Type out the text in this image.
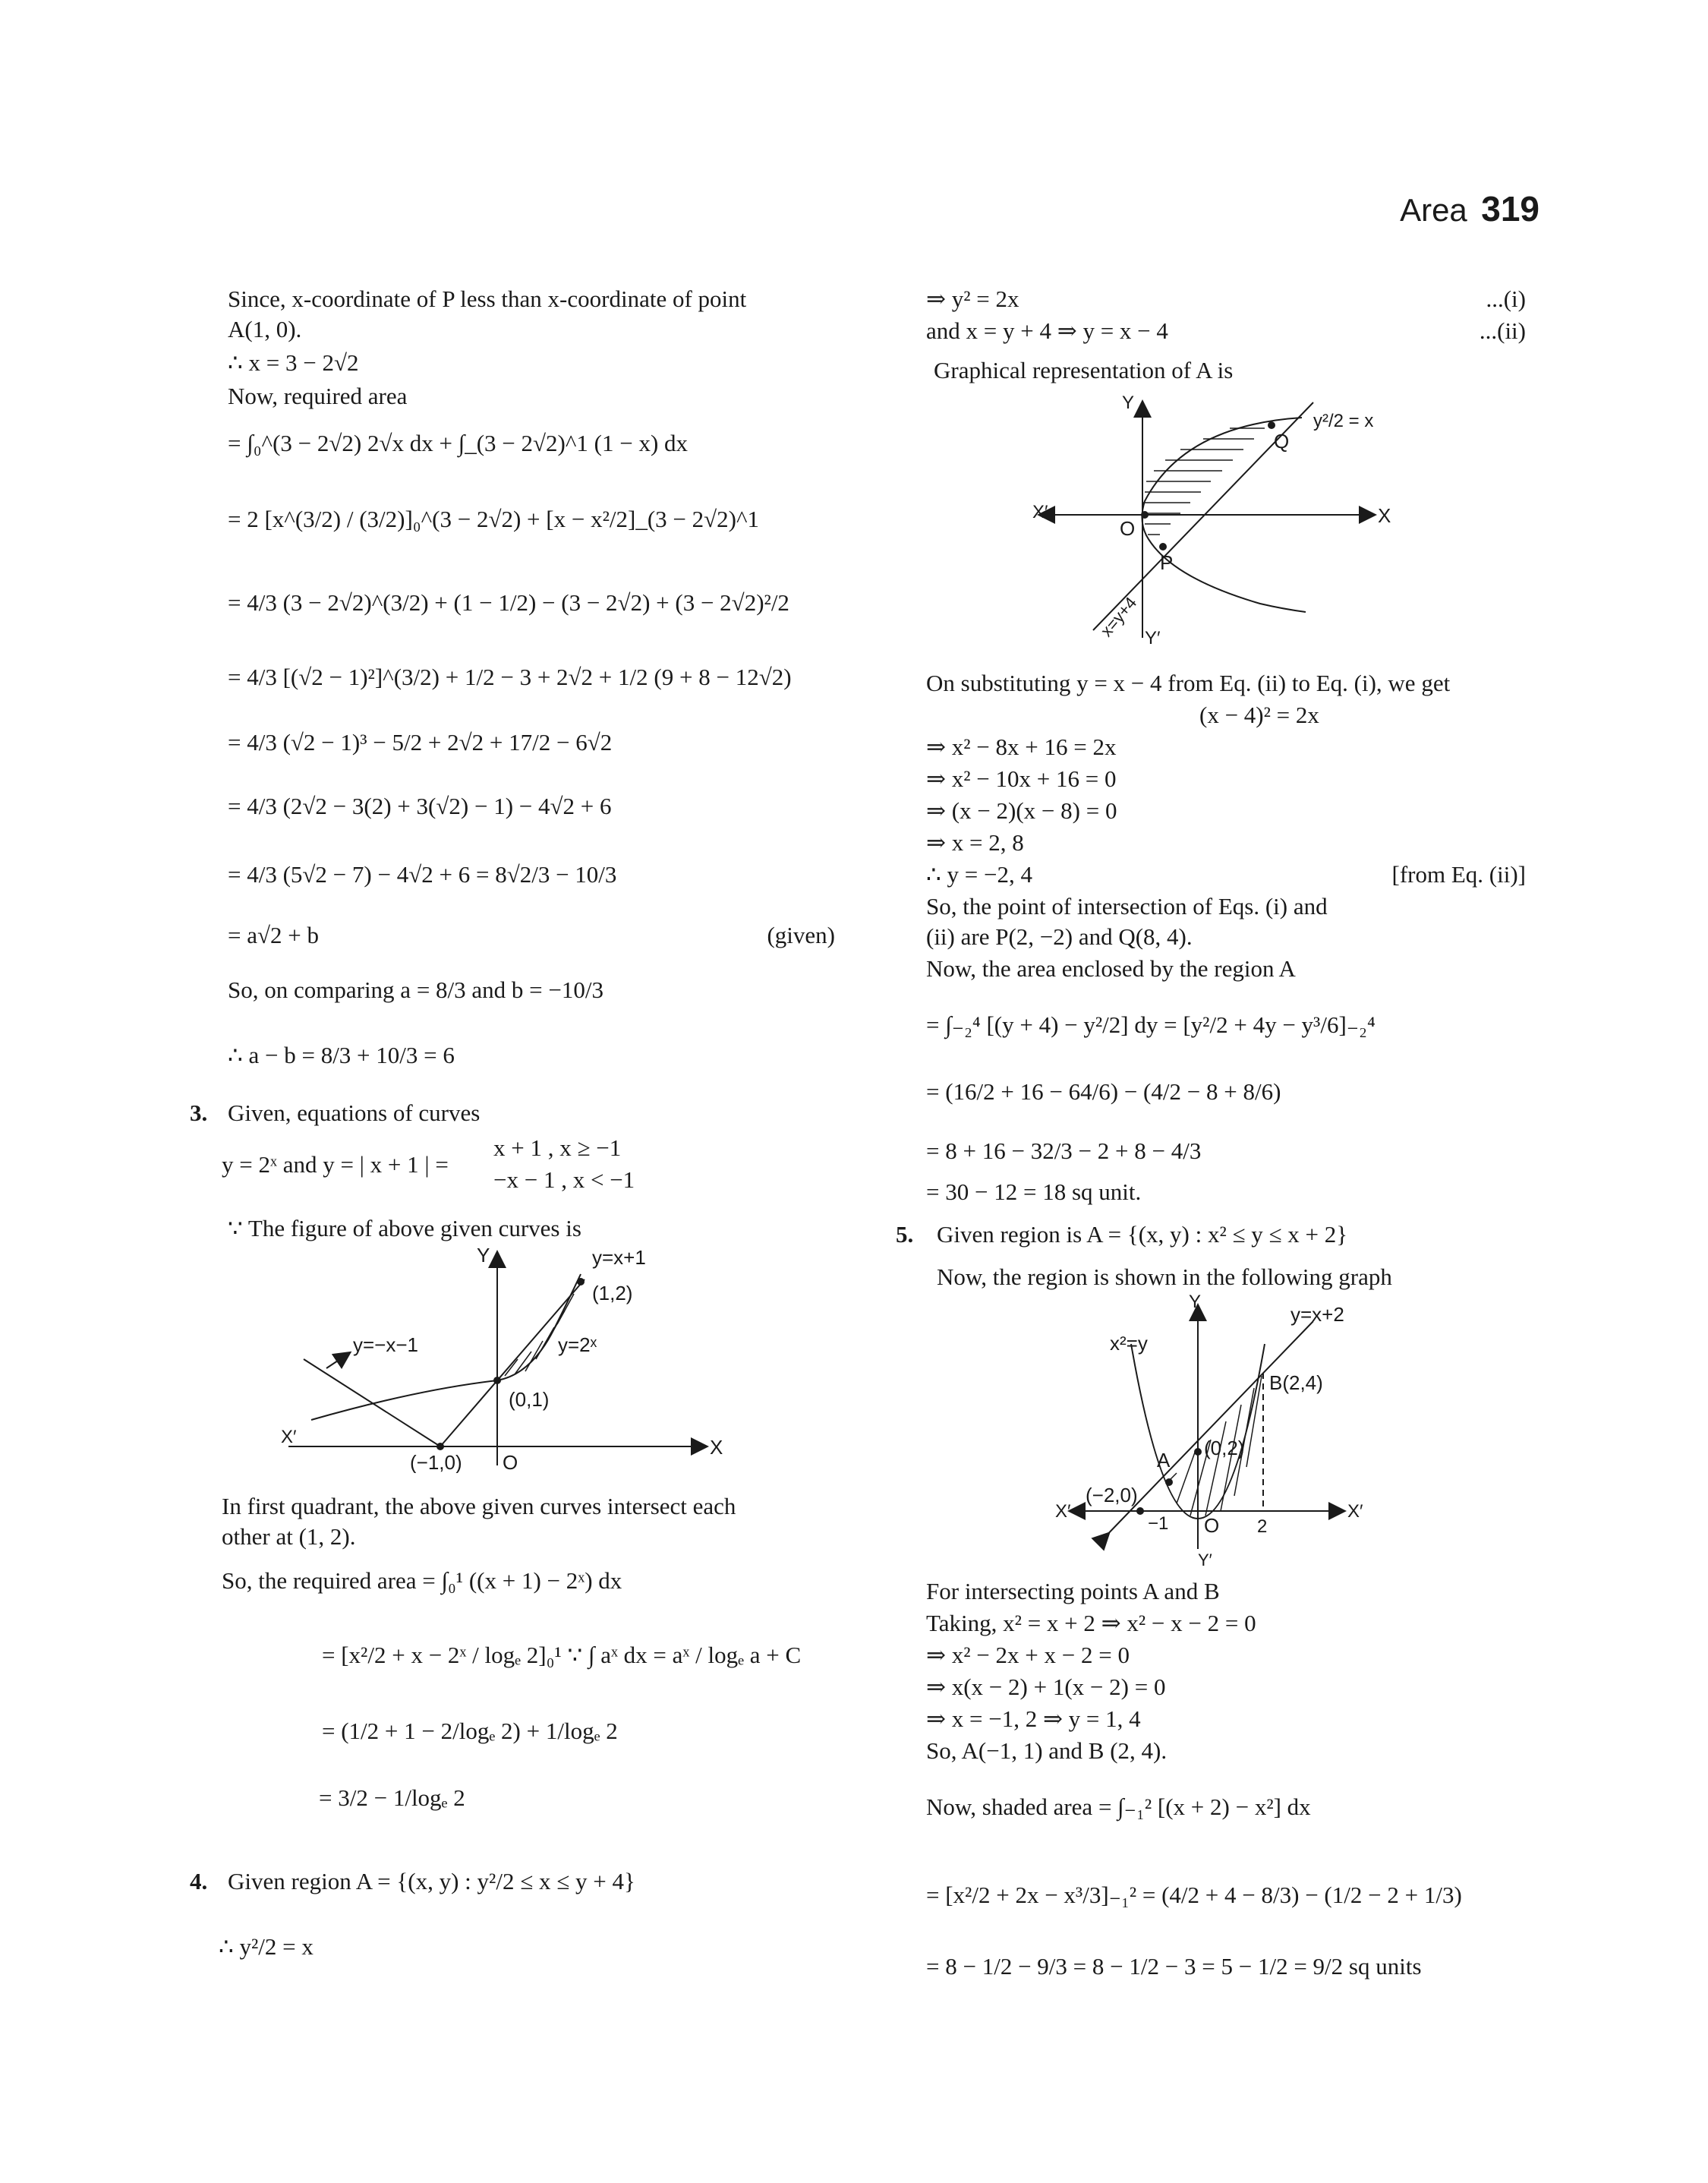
Area 319
Since, x-coordinate of P less than x-coordinate of point
A(1, 0).
∴ x = 3 − 2√2
Now, required area
= ∫₀^(3 − 2√2) 2√x dx + ∫_(3 − 2√2)^1 (1 − x) dx
= 2 [x^(3/2) / (3/2)]₀^(3 − 2√2) + [x − x²/2]_(3 − 2√2)^1
= 4/3 (3 − 2√2)^(3/2) + (1 − 1/2) − (3 − 2√2) + (3 − 2√2)²/2
= 4/3 [(√2 − 1)²]^(3/2) + 1/2 − 3 + 2√2 + 1/2 (9 + 8 − 12√2)
= 4/3 (√2 − 1)³ − 5/2 + 2√2 + 17/2 − 6√2
= 4/3 (2√2 − 3(2) + 3(√2) − 1) − 4√2 + 6
= 4/3 (5√2 − 7) − 4√2 + 6 = 8√2/3 − 10/3
= a√2 + b	(given)
So, on comparing a = 8/3 and b = −10/3
∴ a − b = 8/3 + 10/3 = 6
3. Given, equations of curves
y = 2ˣ and y = | x + 1 | =
x + 1 , x ≥ −1
−x − 1 , x < −1
∵ The figure of above given curves is
Y
X
X′
y=x+1
y=−x−1	y=2ˣ
(1,2)
(0,1)
(−1,0) O
In first quadrant, the above given curves intersect each
other at (1, 2).
So, the required area = ∫₀¹ ((x + 1) − 2ˣ) dx
= [x²/2 + x − 2ˣ / logₑ 2]₀¹ ∵ ∫ aˣ dx = aˣ / logₑ a + C
= (1/2 + 1 − 2/logₑ 2) + 1/logₑ 2
= 3/2 − 1/logₑ 2
4. Given region A = {(x, y) : y²/2 ≤ x ≤ y + 4}
∴ y²/2 = x
⇒ y² = 2x	...(i)
and x = y + 4 ⇒ y = x − 4	...(ii)
Graphical representation of A is
Y
Y′
X
X′
y²/2 = x
x=y+4
Q
P
O
On substituting y = x − 4 from Eq. (ii) to Eq. (i), we get
(x − 4)² = 2x
⇒ x² − 8x + 16 = 2x
⇒ x² − 10x + 16 = 0
⇒ (x − 2)(x − 8) = 0
⇒ x = 2, 8
∴ y = −2, 4	[from Eq. (ii)]
So, the point of intersection of Eqs. (i) and
(ii) are P(2, −2) and Q(8, 4).
Now, the area enclosed by the region A
= ∫₋₂⁴ [(y + 4) − y²/2] dy = [y²/2 + 4y − y³/6]₋₂⁴
= (16/2 + 16 − 64/6) − (4/2 − 8 + 8/6)
= 8 + 16 − 32/3 − 2 + 8 − 4/3
= 30 − 12 = 18 sq unit.
5. Given region is A = {(x, y) : x² ≤ y ≤ x + 2}
Now, the region is shown in the following graph
Y
Y′
X′
X′
y=x+2
x²=y
B(2,4)
A
(0,2)
(−2,0)
−1	2
O
For intersecting points A and B
Taking, x² = x + 2 ⇒ x² − x − 2 = 0
⇒ x² − 2x + x − 2 = 0
⇒ x(x − 2) + 1(x − 2) = 0
⇒ x = −1, 2 ⇒ y = 1, 4
So, A(−1, 1) and B (2, 4).
Now, shaded area = ∫₋₁² [(x + 2) − x²] dx
= [x²/2 + 2x − x³/3]₋₁² = (4/2 + 4 − 8/3) − (1/2 − 2 + 1/3)
= 8 − 1/2 − 9/3 = 8 − 1/2 − 3 = 5 − 1/2 = 9/2 sq units
